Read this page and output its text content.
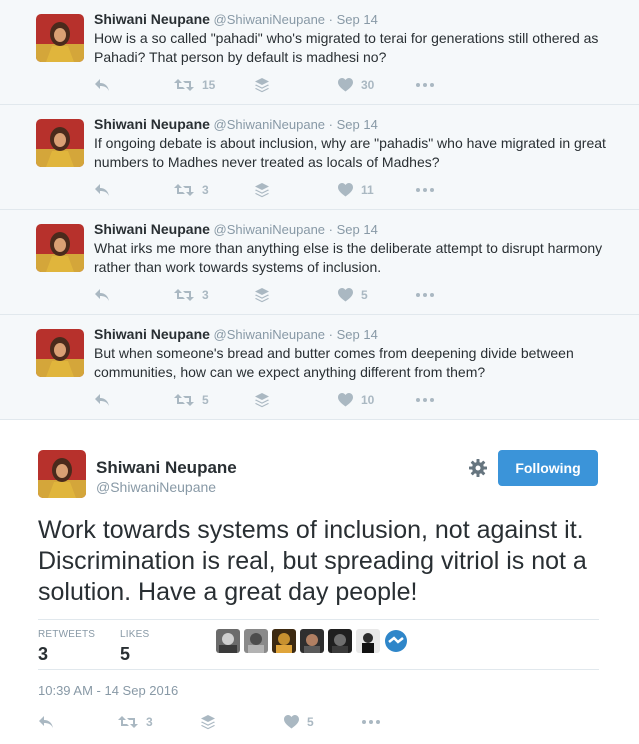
Shiwani Neupane @ShiwaniNeupane · Sep 14
How is a so called "pahadi" who's migrated to terai for generations still othered as Pahadi? That person by default is madhesi no?
15	30
Shiwani Neupane @ShiwaniNeupane · Sep 14
If ongoing debate is about inclusion, why are "pahadis" who have migrated in great numbers to Madhes never treated as locals of Madhes?
3	11
Shiwani Neupane @ShiwaniNeupane · Sep 14
What irks me more than anything else is the deliberate attempt to disrupt harmony rather than work towards systems of inclusion.
3	5
Shiwani Neupane @ShiwaniNeupane · Sep 14
But when someone's bread and butter comes from deepening divide between communities, how can we expect anything different from them?
5	10
Shiwani Neupane
@ShiwaniNeupane
Following
Work towards systems of inclusion, not against it. Discrimination is real, but spreading vitriol is not a solution. Have a great day people!
RETWEETS
3
LIKES
5
10:39 AM - 14 Sep 2016
3	5
